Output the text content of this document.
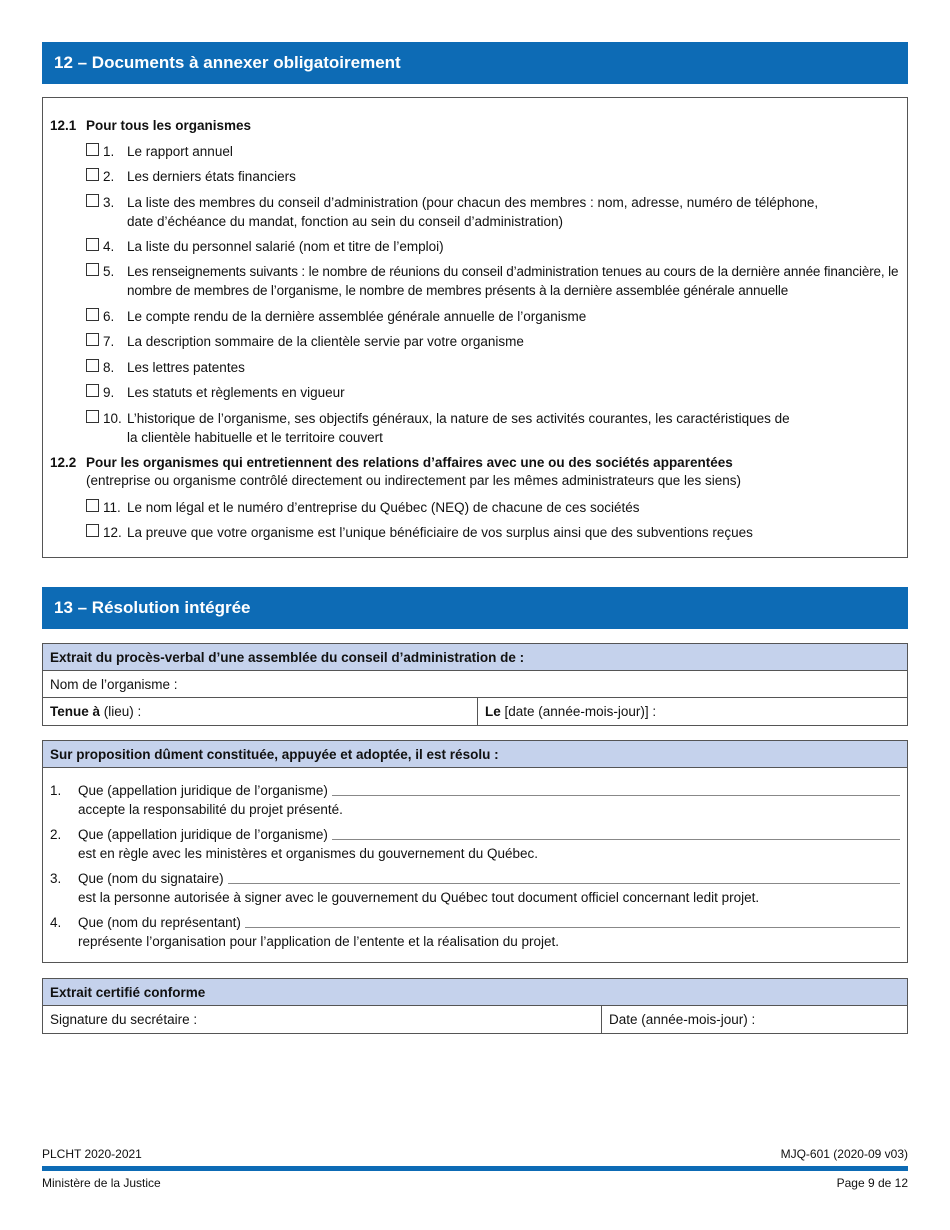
12 – Documents à annexer obligatoirement
12.1 Pour tous les organismes
1. Le rapport annuel
2. Les derniers états financiers
3. La liste des membres du conseil d’administration (pour chacun des membres : nom, adresse, numéro de téléphone, date d’échéance du mandat, fonction au sein du conseil d’administration)
4. La liste du personnel salarié (nom et titre de l’emploi)
5. Les renseignements suivants : le nombre de réunions du conseil d’administration tenues au cours de la dernière année financière, le nombre de membres de l’organisme, le nombre de membres présents à la dernière assemblée générale annuelle
6. Le compte rendu de la dernière assemblée générale annuelle de l’organisme
7. La description sommaire de la clientèle servie par votre organisme
8. Les lettres patentes
9. Les statuts et règlements en vigueur
10. L’historique de l’organisme, ses objectifs généraux, la nature de ses activités courantes, les caractéristiques de la clientèle habituelle et le territoire couvert
12.2 Pour les organismes qui entretiennent des relations d’affaires avec une ou des sociétés apparentées
(entreprise ou organisme contrôlé directement ou indirectement par les mêmes administrateurs que les siens)
11. Le nom légal et le numéro d’entreprise du Québec (NEQ) de chacune de ces sociétés
12. La preuve que votre organisme est l’unique bénéficiaire de vos surplus ainsi que des subventions reçues
13 – Résolution intégrée
Extrait du procès-verbal d’une assemblée du conseil d’administration de :
Nom de l’organisme :
Tenue à (lieu) :	Le [date (année-mois-jour)] :
Sur proposition dûment constituée, appuyée et adoptée, il est résolu :
1.	Que (appellation juridique de l’organisme)
accepte la responsabilité du projet présenté.
2.	Que (appellation juridique de l’organisme)
est en règle avec les ministères et organismes du gouvernement du Québec.
3.	Que (nom du signataire)
est la personne autorisée à signer avec le gouvernement du Québec tout document officiel concernant ledit projet.
4.	Que (nom du représentant)
représente l’organisation pour l’application de l’entente et la réalisation du projet.
Extrait certifié conforme
Signature du secrétaire :	Date (année-mois-jour) :
PLCHT 2020-2021	MJQ-601 (2020-09 v03)
Ministère de la Justice	Page 9 de 12
